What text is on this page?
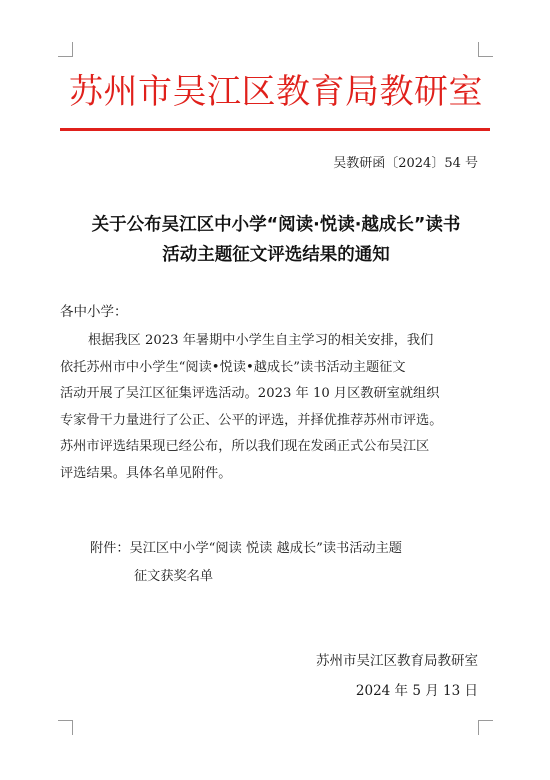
苏州市吴江区教育局教研室
吴教研函〔2024〕54 号
关于公布吴江区中小学“阅读·悦读·越成长”读书
活动主题征文评选结果的通知
各中小学：
根据我区 2023 年暑期中小学生自主学习的相关安排，我们
依托苏州市中小学生“阅读•悦读•越成长”读书活动主题征文
活动开展了吴江区征集评选活动。2023 年 10 月区教研室就组织
专家骨干力量进行了公正、公平的评选，并择优推荐苏州市评选。
苏州市评选结果现已经公布，所以我们现在发函正式公布吴江区
评选结果。具体名单见附件。
附件：吴江区中小学“阅读 悦读 越成长”读书活动主题
征文获奖名单
苏州市吴江区教育局教研室
2024 年 5 月 13 日
